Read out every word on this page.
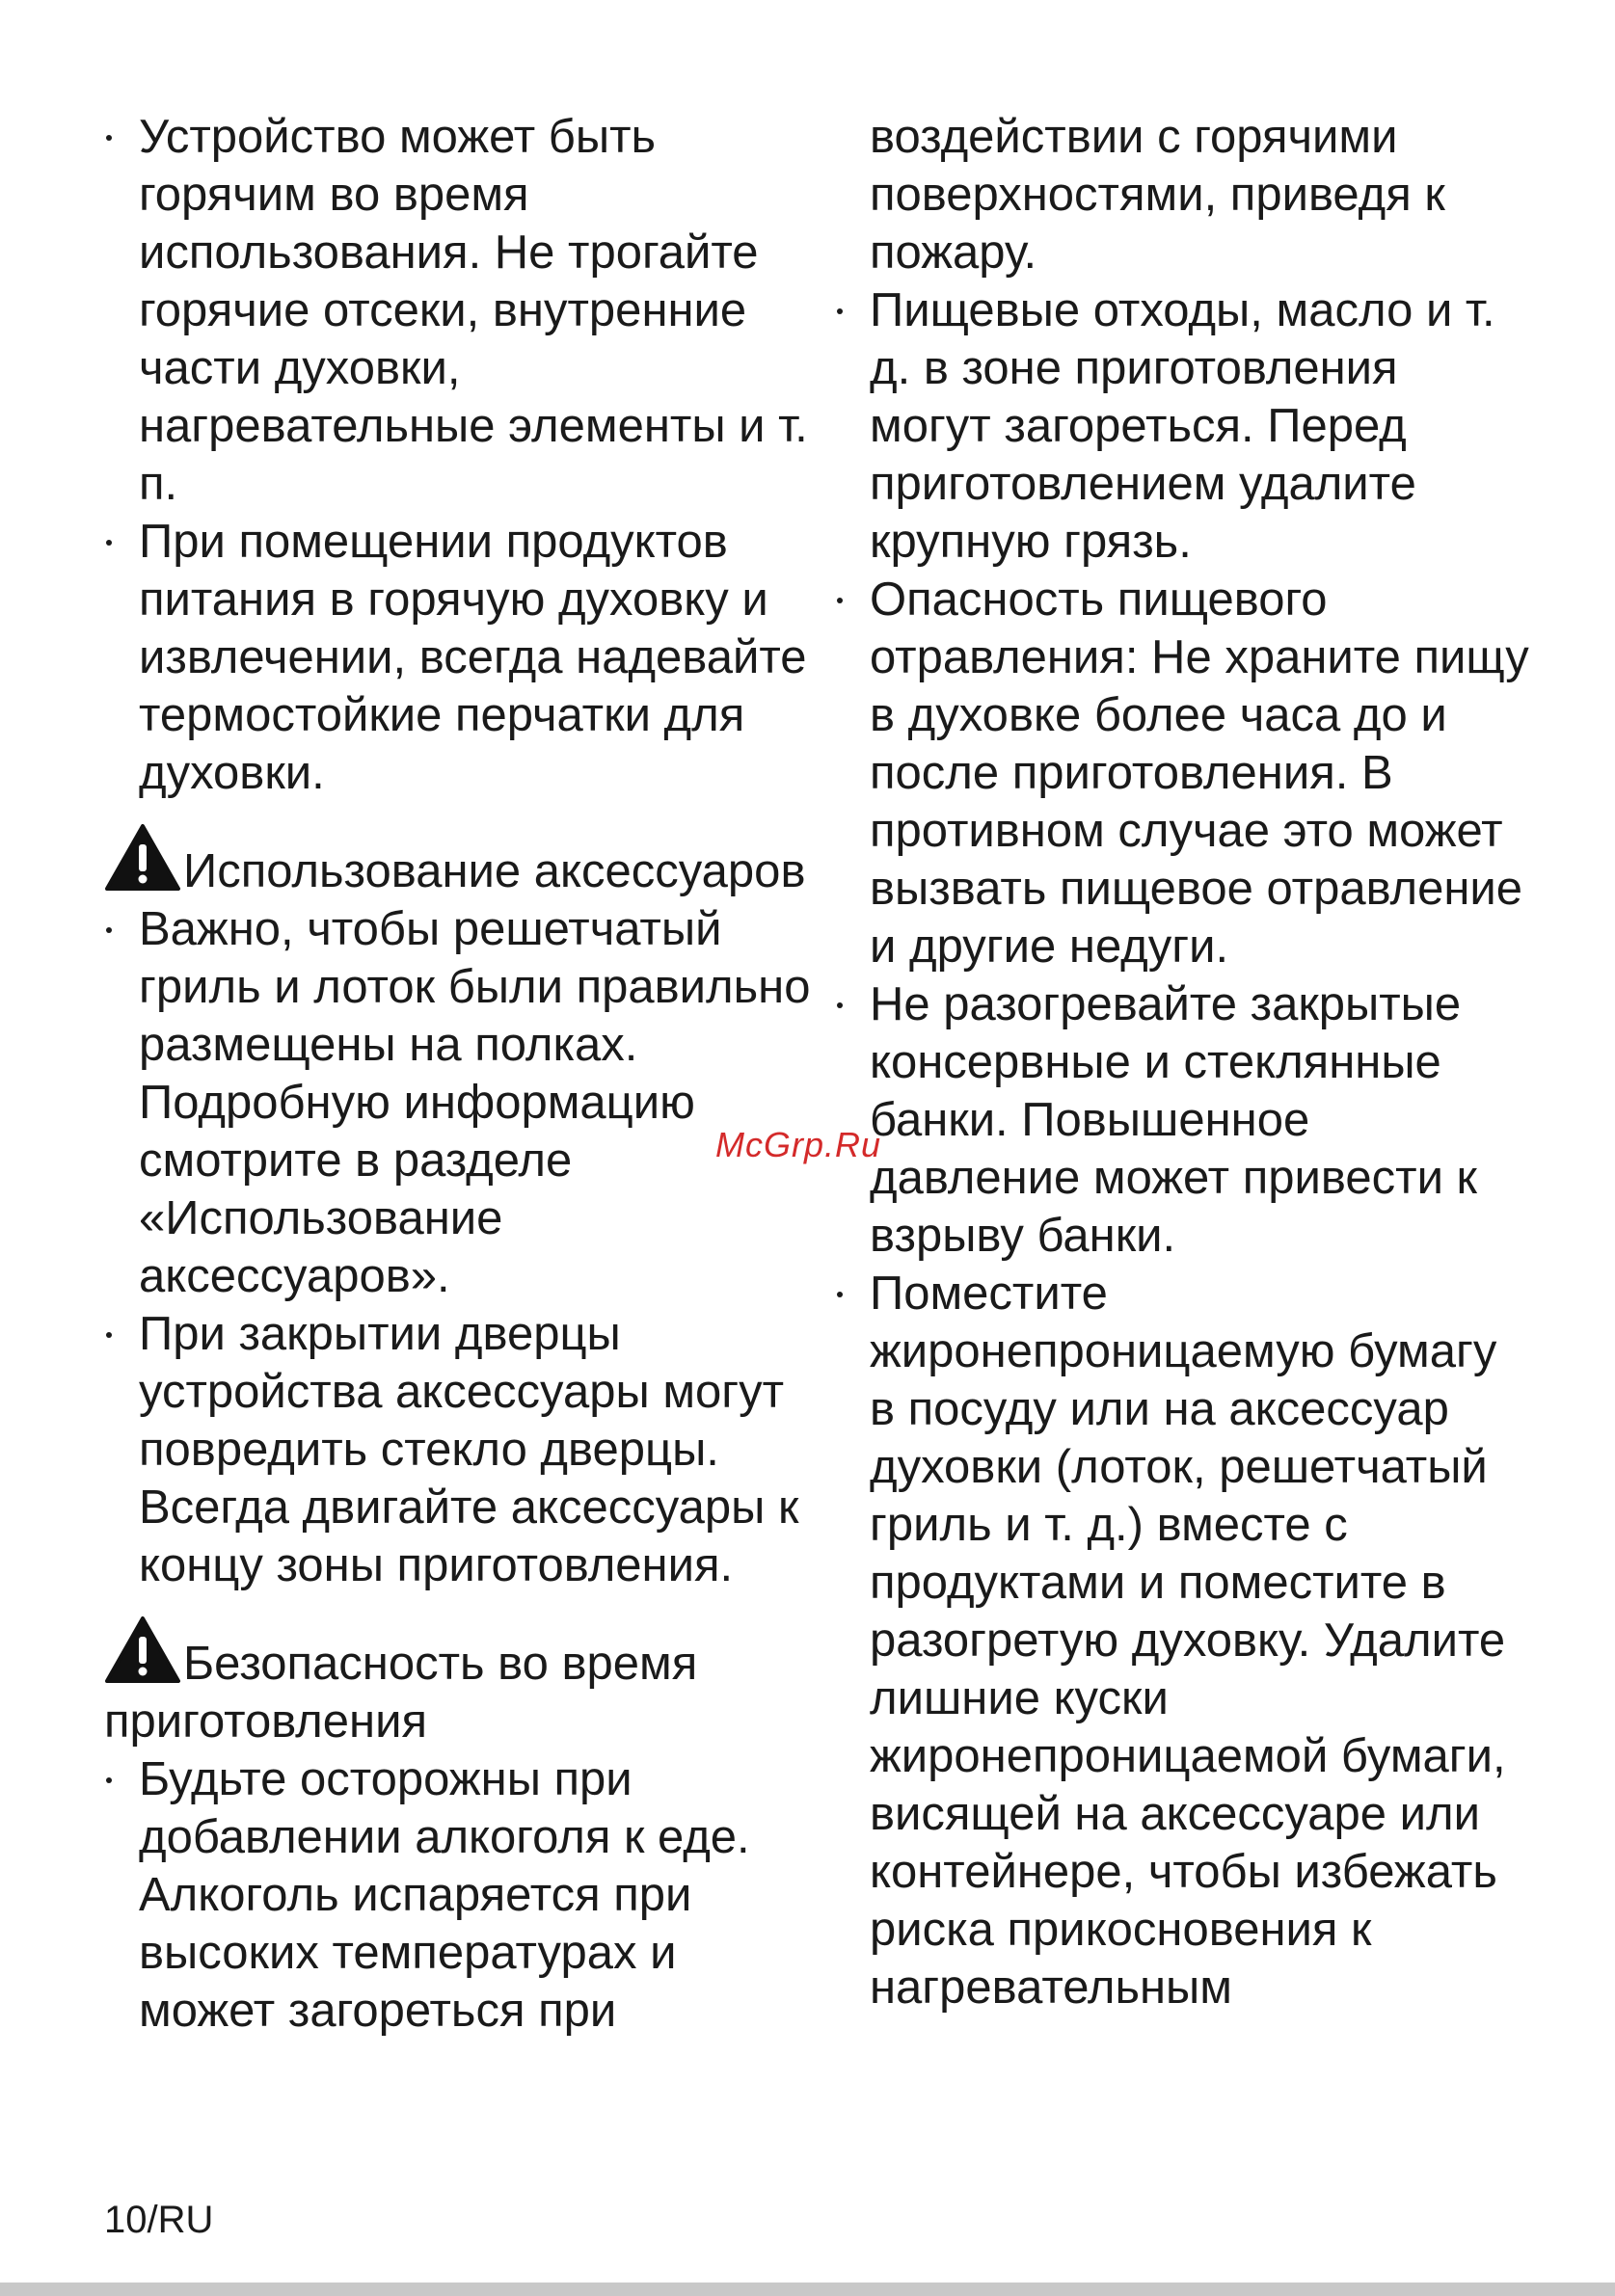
Устройство может быть горячим во время использования. Не трогайте горячие отсеки, внутренние части духовки, нагревательные элементы и т. п.
При помещении продуктов питания в горячую духовку и извлечении, всегда надевайте термостойкие перчатки для духовки.
Использование аксессуаров
Важно, чтобы решетчатый гриль и лоток были правильно размещены на полках. Подробную информацию смотрите в разделе «Использование аксессуаров».
При закрытии дверцы устройства аксессуары могут повредить стекло дверцы. Всегда двигайте аксессуары к концу зоны приготовления.
Безопасность во время приготовления
Будьте осторожны при добавлении алкоголя к еде. Алкоголь испаряется при высоких температурах и может загореться при

воздействии с горячими поверхностями, приведя к пожару.

Пищевые отходы, масло и т. д. в зоне приготовления могут загореться. Перед приготовлением удалите крупную грязь.
Опасность пищевого отравления: Не храните пищу в духовке более часа до и после приготовления. В противном случае это может вызвать пищевое отравление и другие недуги.
Не разогревайте закрытые консервные и стеклянные банки. Повышенное давление может привести к взрыву банки.
Поместите жиронепроницаемую бумагу в посуду или на аксессуар духовки (лоток, решетчатый гриль и т. д.) вместе с продуктами и поместите в разогретую духовку. Удалите лишние куски жиронепроницаемой бумаги, висящей на аксессуаре или контейнере, чтобы избежать риска прикосновения к нагревательным
McGrp.Ru
10/RU
